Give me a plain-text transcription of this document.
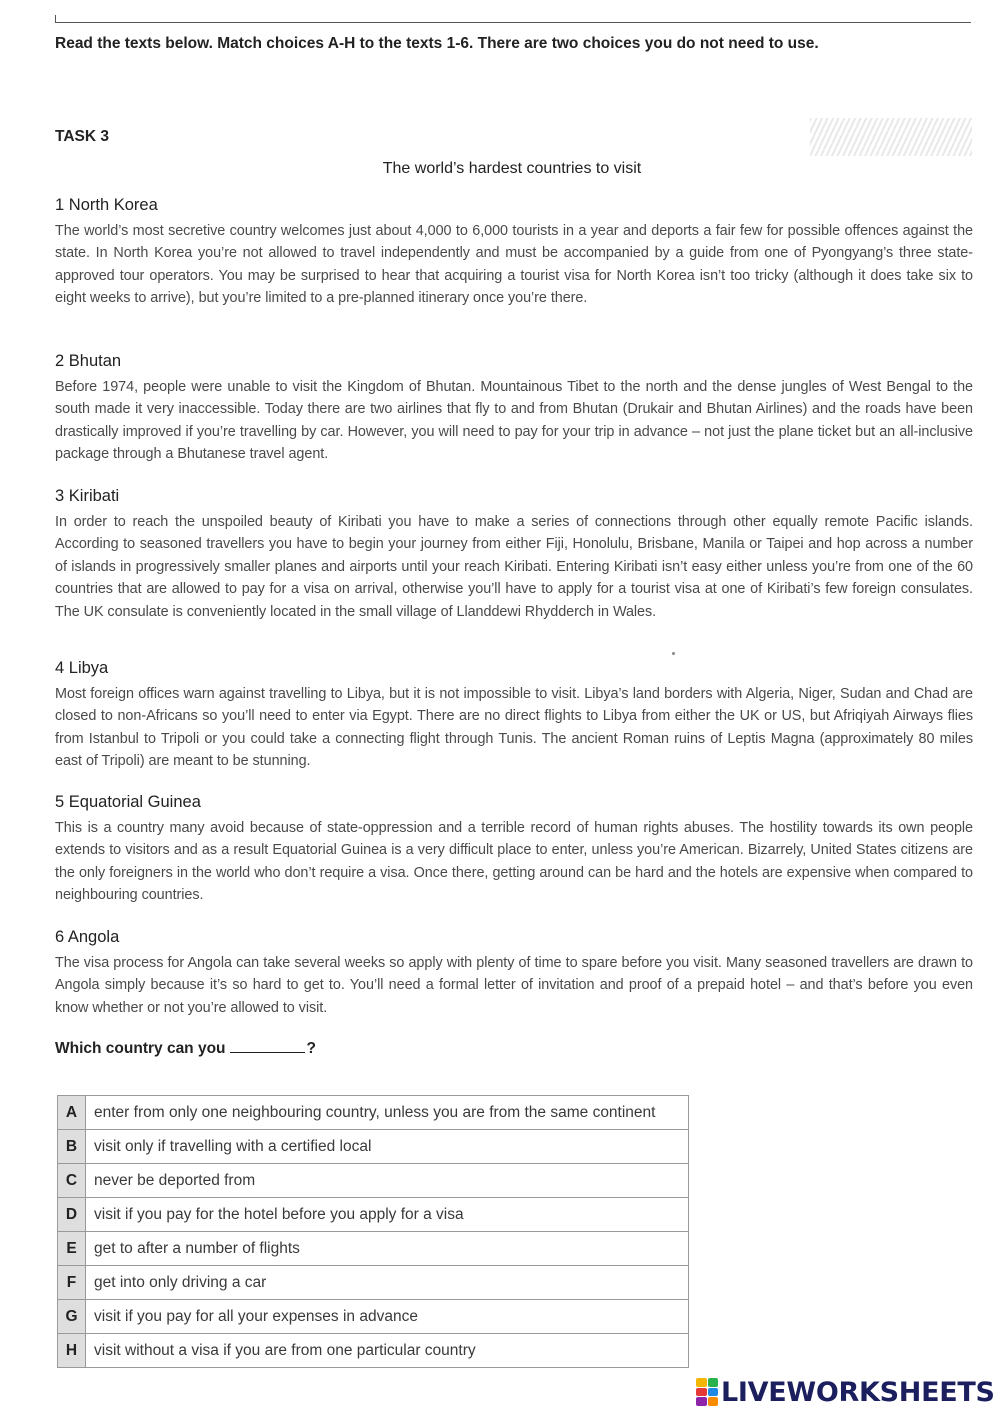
Read the texts below. Match choices A-H to the texts 1-6. There are two choices you do not need to use.
TASK 3
The world’s hardest countries to visit
1 North Korea

The world’s most secretive country welcomes just about 4,000 to 6,000 tourists in a year and deports a fair few for possible offences against the state. In North Korea you’re not allowed to travel independently and must be accompanied by a guide from one of Pyongyang’s three state-approved tour operators. You may be surprised to hear that acquiring a tourist visa for North Korea isn’t too tricky (although it does take six to eight weeks to arrive), but you’re limited to a pre-planned itinerary once you’re there.

2 Bhutan

Before 1974, people were unable to visit the Kingdom of Bhutan. Mountainous Tibet to the north and the dense jungles of West Bengal to the south made it very inaccessible. Today there are two airlines that fly to and from Bhutan (Drukair and Bhutan Airlines) and the roads have been drastically improved if you’re travelling by car. However, you will need to pay for your trip in advance – not just the plane ticket but an all-inclusive package through a Bhutanese travel agent.

3 Kiribati

In order to reach the unspoiled beauty of Kiribati you have to make a series of connections through other equally remote Pacific islands. According to seasoned travellers you have to begin your journey from either Fiji, Honolulu, Brisbane, Manila or Taipei and hop across a number of islands in progressively smaller planes and airports until your reach Kiribati. Entering Kiribati isn’t easy either unless you’re from one of the 60 countries that are allowed to pay for a visa on arrival, otherwise you’ll have to apply for a tourist visa at one of Kiribati’s few foreign consulates. The UK consulate is conveniently located in the small village of Llanddewi Rhydderch in Wales.

4 Libya

Most foreign offices warn against travelling to Libya, but it is not impossible to visit. Libya’s land borders with Algeria, Niger, Sudan and Chad are closed to non-Africans so you’ll need to enter via Egypt. There are no direct flights to Libya from either the UK or US, but Afriqiyah Airways flies from Istanbul to Tripoli or you could take a connecting flight through Tunis. The ancient Roman ruins of Leptis Magna (approximately 80 miles east of Tripoli) are meant to be stunning.

5 Equatorial Guinea

This is a country many avoid because of state-oppression and a terrible record of human rights abuses. The hostility towards its own people extends to visitors and as a result Equatorial Guinea is a very difficult place to enter, unless you’re American. Bizarrely, United States citizens are the only foreigners in the world who don’t require a visa. Once there, getting around can be hard and the hotels are expensive when compared to neighbouring countries.

6 Angola

The visa process for Angola can take several weeks so apply with plenty of time to spare before you visit. Many seasoned travellers are drawn to Angola simply because it’s so hard to get to. You’ll need a formal letter of invitation and proof of a prepaid hotel – and that’s before you even know whether or not you’re allowed to visit.

Which country can you	?
A	enter from only one neighbouring country, unless you are from the same continent
B	visit only if travelling with a certified local
C	never be deported from
D	visit if you pay for the hotel before you apply for a visa
E	get to after a number of flights
F	get into only driving a car
G	visit if you pay for all your expenses in advance
H	visit without a visa if you are from one particular country
LIVEWORKSHEETS
